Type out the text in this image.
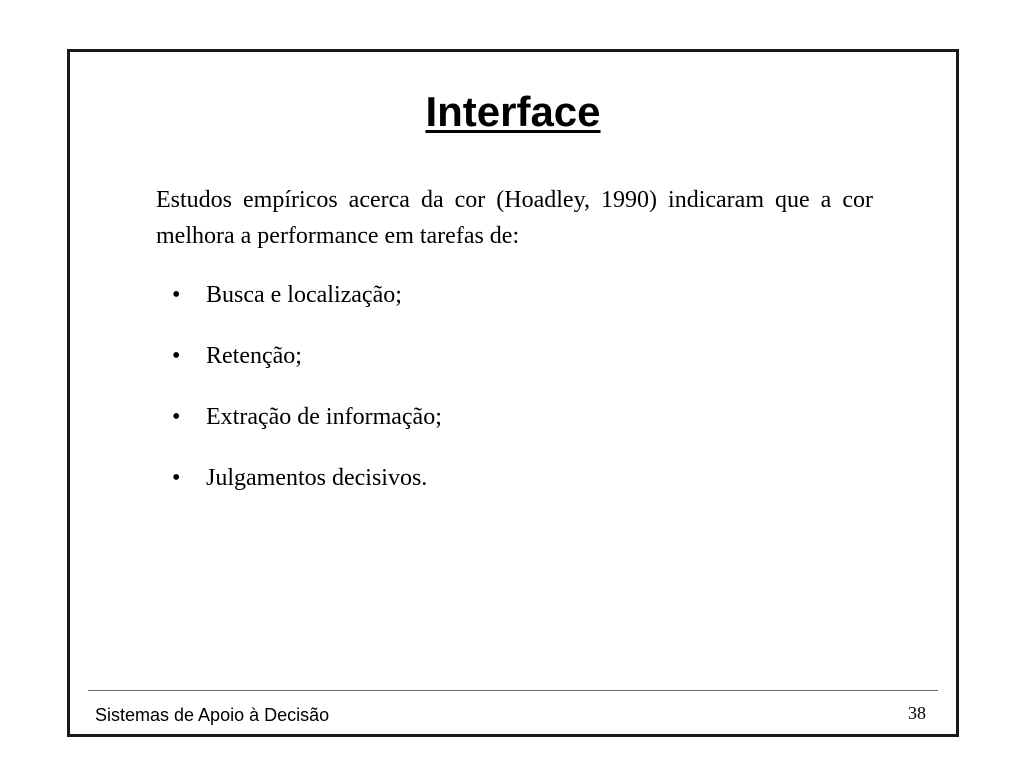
Interface

Estudos empíricos acerca da cor (Hoadley, 1990) indicaram que a cor melhora a performance em tarefas de:

• Busca e localização;
• Retenção;
• Extração de informação;
• Julgamentos decisivos.
Sistemas de Apoio à Decisão	38
